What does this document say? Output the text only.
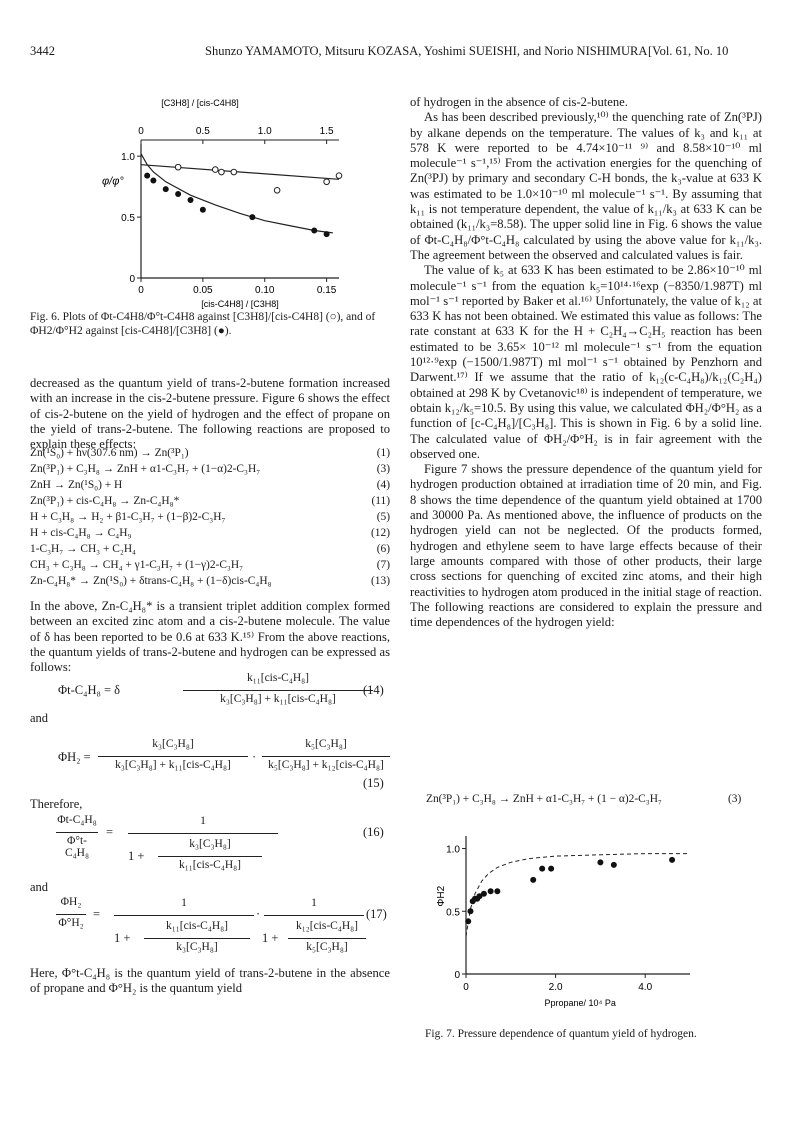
3442	Shunzo YAMAMOTO, Mitsuru KOZASA, Yoshimi SUEISHI, and Norio NISHIMURA [Vol. 61, No. 10
[C3H8] / [cis-C4H8]
0	0.5	1.0	1.5
0	0.05	0.10	0.15
[cis-C4H8] / [C3H8]
0
0.5
1.0
φ/φ°
Fig. 6. Plots of Φt-C4H8/Φ°t-C4H8 against [C3H8]/[cis-C4H8] (○), and of ΦH2/Φ°H2 against [cis-C4H8]/[C3H8] (●).

decreased as the quantum yield of trans-2-butene formation increased with an increase in the cis-2-butene pressure. Figure 6 shows the effect of cis-2-butene on the yield of hydrogen and the effect of propane on the yield of trans-2-butene. The following reactions are proposed to explain these effects:

Zn(¹S₀) + hν(307.6 nm) → Zn(³P₁)	(1)
Zn(³P₁) + C₃H₈ → ZnH + α1-C₃H₇ + (1−α)2-C₃H₇	(3)
ZnH → Zn(¹S₀) + H	(4)
Zn(³P₁) + cis-C₄H₈ → Zn-C₄H₈*	(11)
H + C₃H₈ → H₂ + β1-C₃H₇ + (1−β)2-C₃H₇	(5)
H + cis-C₄H₈ → C₄H₉	(12)
1-C₃H₇ → CH₃ + C₂H₄	(6)
CH₃ + C₃H₈ → CH₄ + γ1-C₃H₇ + (1−γ)2-C₃H₇	(7)
Zn-C₄H₈* → Zn(¹S₀) + δtrans-C₄H₈ + (1−δ)cis-C₄H₈	(13)

In the above, Zn-C₄H₈* is a transient triplet addition complex formed between an excited zinc atom and a cis-2-butene molecule. The value of δ has been reported to be 0.6 at 633 K.¹⁵⁾ From the above reactions, the quantum yields of trans-2-butene and hydrogen can be expressed as follows:

Φt-C₄H₈ = δ
k₁₁[cis-C₄H₈]
k₃[C₃H₈] + k₁₁[cis-C₄H₈]
(14)
and
ΦH₂ =
k₃[C₃H₈]
k₃[C₃H₈] + k₁₁[cis-C₄H₈]
·
k₅[C₃H₈]
k₅[C₃H₈] + k₁₂[cis-C₄H₈]
(15)
Therefore,
Φt-C₄H₈
Φ°t-C₄H₈
=
1
1 +
k₃[C₃H₈]
k₁₁[cis-C₄H₈]
(16)
and
ΦH₂
Φ°H₂
=
1
1 +
k₁₁[cis-C₄H₈]
k₃[C₃H₈]
·
1
1 +
k₁₂[cis-C₄H₈]
k₅[C₃H₈]
(17)

Here, Φ°t-C₄H₈ is the quantum yield of trans-2-butene in the absence of propane and Φ°H₂ is the quantum yield

of hydrogen in the absence of cis-2-butene.

As has been described previously,¹⁰⁾ the quenching rate of Zn(³PJ) by alkane depends on the temperature. The values of k₃ and k₁₁ at 578 K were reported to be 4.74×10⁻¹¹ ⁹⁾ and 8.58×10⁻¹⁰ ml molecule⁻¹ s⁻¹,¹⁵⁾ From the activation energies for the quenching of Zn(³PJ) by primary and secondary C-H bonds, the k₃-value at 633 K was estimated to be 1.0×10⁻¹⁰ ml molecule⁻¹ s⁻¹. By assuming that k₁₁ is not temperature dependent, the value of k₁₁/k₃ at 633 K can be obtained (k₁₁/k₃=8.58). The upper solid line in Fig. 6 shows the value of Φt-C₄H₈/Φ°t-C₄H₈ calculated by using the above value for k₁₁/k₃. The agreement between the observed and calculated values is fair.

The value of k₅ at 633 K has been estimated to be 2.86×10⁻¹⁰ ml molecule⁻¹ s⁻¹ from the equation k₅=10¹⁴·¹⁶exp (−8350/1.987T) ml mol⁻¹ s⁻¹ reported by Baker et al.¹⁶⁾ Unfortunately, the value of k₁₂ at 633 K has not been obtained. We estimated this value as follows: The rate constant at 633 K for the H + C₂H₄→C₂H₅ reaction has been estimated to be 3.65× 10⁻¹² ml molecule⁻¹ s⁻¹ from the equation 10¹²·⁹exp (−1500/1.987T) ml mol⁻¹ s⁻¹ obtained by Penzhorn and Darwent.¹⁷⁾ If we assume that the ratio of k₁₂(c-C₄H₈)/k₁₂(C₂H₄) obtained at 298 K by Cvetanovic¹⁸⁾ is independent of temperature, we obtain k₁₂/k₅=10.5. By using this value, we calculated ΦH₂/Φ°H₂ as a function of [c-C₄H₈]/[C₃H₈]. This is shown in Fig. 6 by a solid line. The calculated value of ΦH₂/Φ°H₂ is in fair agreement with the observed one.

Figure 7 shows the pressure dependence of the quantum yield for hydrogen production obtained at irradiation time of 20 min, and Fig. 8 shows the time dependence of the quantum yield obtained at 1700 and 30000 Pa. As mentioned above, the influence of products on the hydrogen yield can not be neglected. Of the products formed, hydrogen and ethylene seem to have large effects because of their large amounts compared with those of other products, their large cross sections for quenching of excited zinc atoms, and their high reactivities to hydrogen atom produced in the initial stage of reaction. The following reactions are considered to explain the pressure and time dependences of the hydrogen yield:

Zn(³P₁) + C₃H₈ → ZnH + α1-C₃H₇ + (1 − α)2-C₃H₇	(3)
0
0.5
1.0
0	2.0	4.0
Ppropane/ 10⁴ Pa
ΦH2
Fig. 7. Pressure dependence of quantum yield of hydrogen.
